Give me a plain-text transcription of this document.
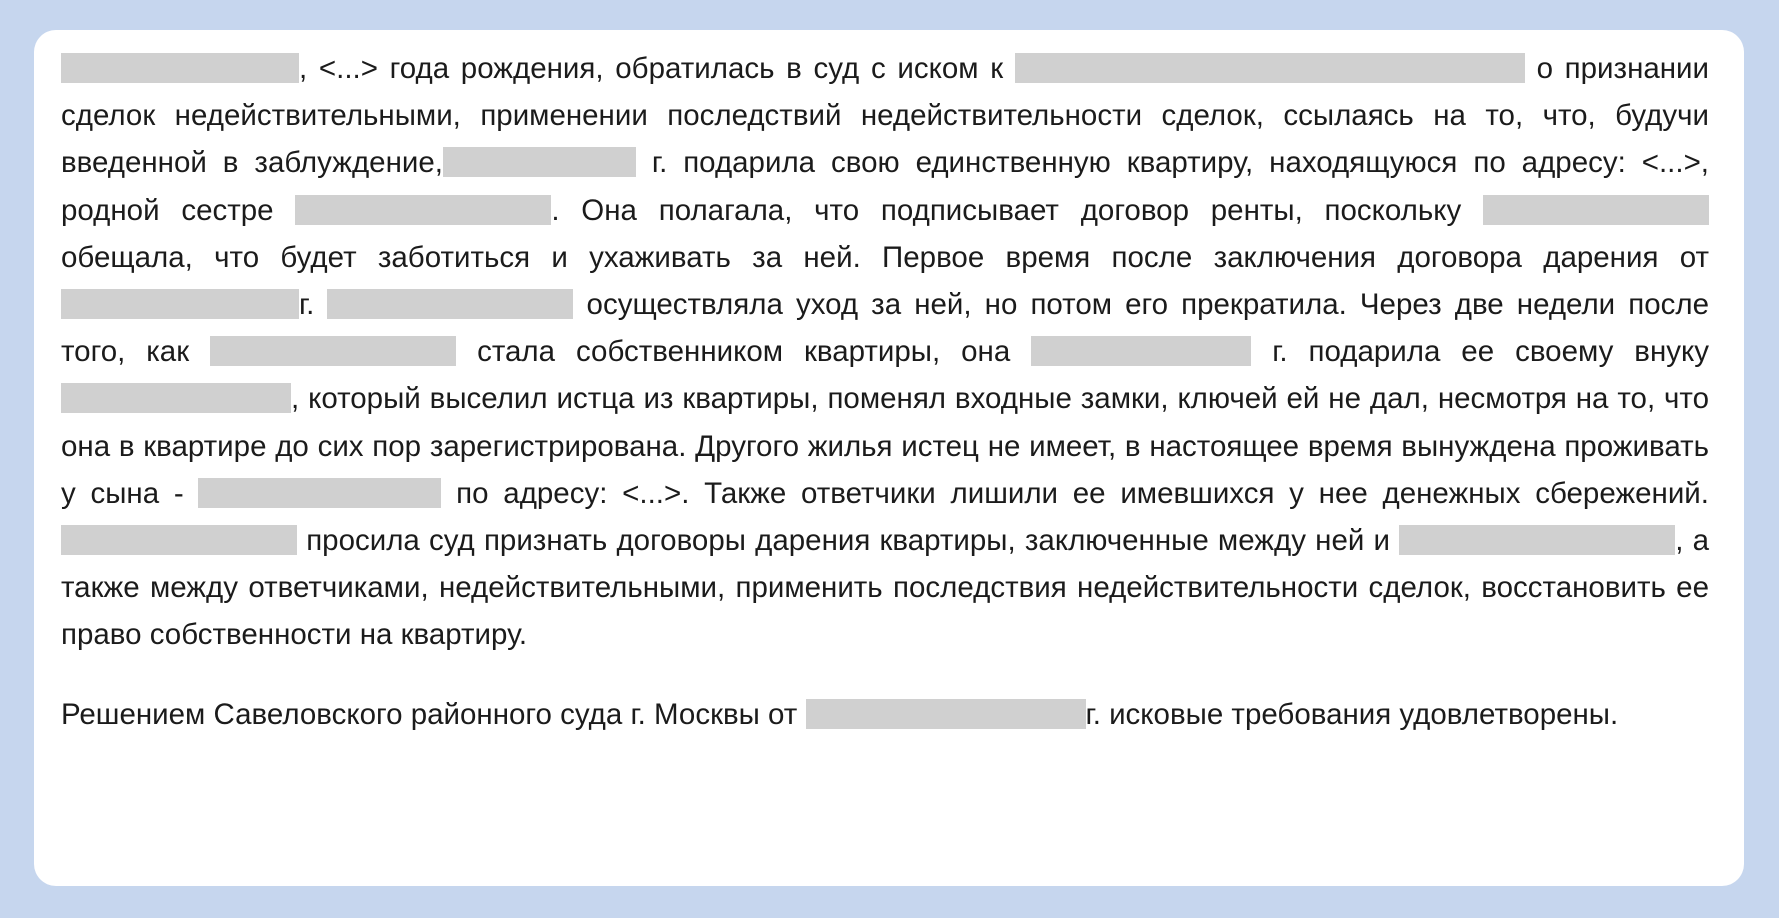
, <...> года рождения, обратилась в суд с иском к	о признании сделок недействительными, применении последствий недействительности сделок, ссылаясь на то, что, будучи введенной в заблуждение,	г. подарила свою единственную квартиру, находящуюся по адресу: <...>, родной сестре	. Она полагала, что подписывает договор ренты, поскольку  обещала, что будет заботиться и ухаживать за ней. Первое время после заключения договора дарения от г.	осуществляла уход за ней, но потом его прекратила. Через две недели после того, как	стала собственником квартиры, она	г. подарила ее своему внуку , который выселил истца из квартиры, поменял входные замки, ключей ей не дал, несмотря на то, что она в квартире до сих пор зарегистрирована. Другого жилья истец не имеет, в настоящее время вынуждена проживать у сына -	по адресу: <...>. Также ответчики лишили ее имевшихся у нее денежных сбережений.  просила суд признать договоры дарения квартиры, заключенные между ней и	, а также между ответчиками, недействительными, применить последствия недействительности сделок, восстановить ее право собственности на квартиру.

Решением Савеловского районного суда г. Москвы от	г. исковые требования удовлетворены.
